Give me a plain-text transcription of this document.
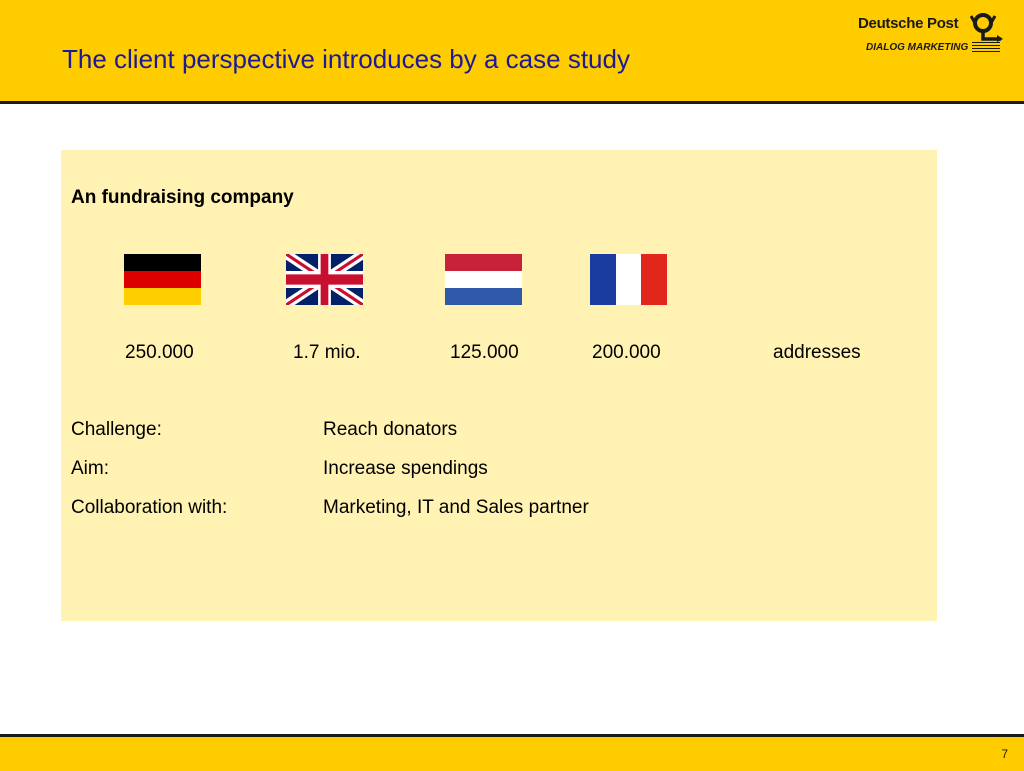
The client perspective introduces by a case study
Deutsche Post
DIALOG MARKETING
An fundraising company
250.000	1.7 mio.	125.000	200.000	addresses
Challenge:	Reach donators
Aim:	Increase spendings
Collaboration with:	Marketing, IT and Sales partner
7
